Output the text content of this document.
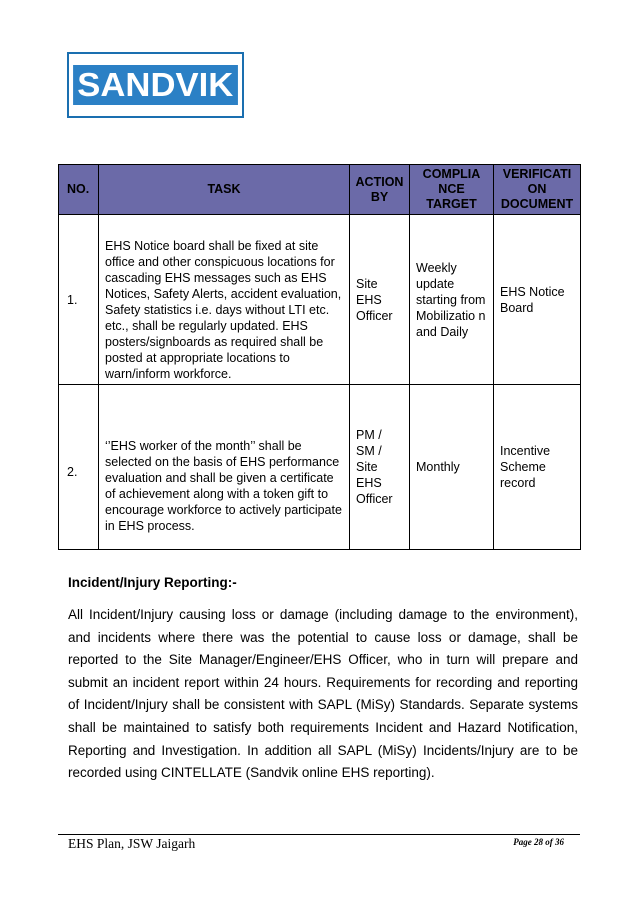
SANDVIK
NO.	TASK	ACTION BY	COMPLIA NCE TARGET	VERIFICATI ON DOCUMENT
1.	EHS Notice board shall be fixed at site office and other conspicuous locations for cascading EHS messages such as EHS Notices, Safety Alerts, accident evaluation, Safety statistics i.e. days without LTI etc. etc., shall be regularly updated. EHS posters/signboards as required shall be posted at appropriate locations to warn/inform workforce.	Site EHS Officer	Weekly update starting from Mobilizatio n and Daily	EHS Notice Board
2.	‘’EHS worker of the month’’ shall be selected on the basis of EHS performance evaluation and shall be given a certificate of achievement along with a token gift to encourage workforce to actively participate in EHS process.	PM / SM / Site EHS Officer	Monthly	Incentive Scheme record
Incident/Injury Reporting:-
All Incident/Injury causing loss or damage (including damage to the environment), and incidents where there was the potential to cause loss or damage, shall be reported to the Site Manager/Engineer/EHS Officer, who in turn will prepare and submit an incident report within 24 hours. Requirements for recording and reporting of Incident/Injury shall be consistent with SAPL (MiSy) Standards. Separate systems shall be maintained to satisfy both requirements Incident and Hazard Notification, Reporting and Investigation. In addition all SAPL (MiSy) Incidents/Injury are to be recorded using CINTELLATE (Sandvik online EHS reporting).
EHS Plan, JSW Jaigarh	Page 28 of 36
